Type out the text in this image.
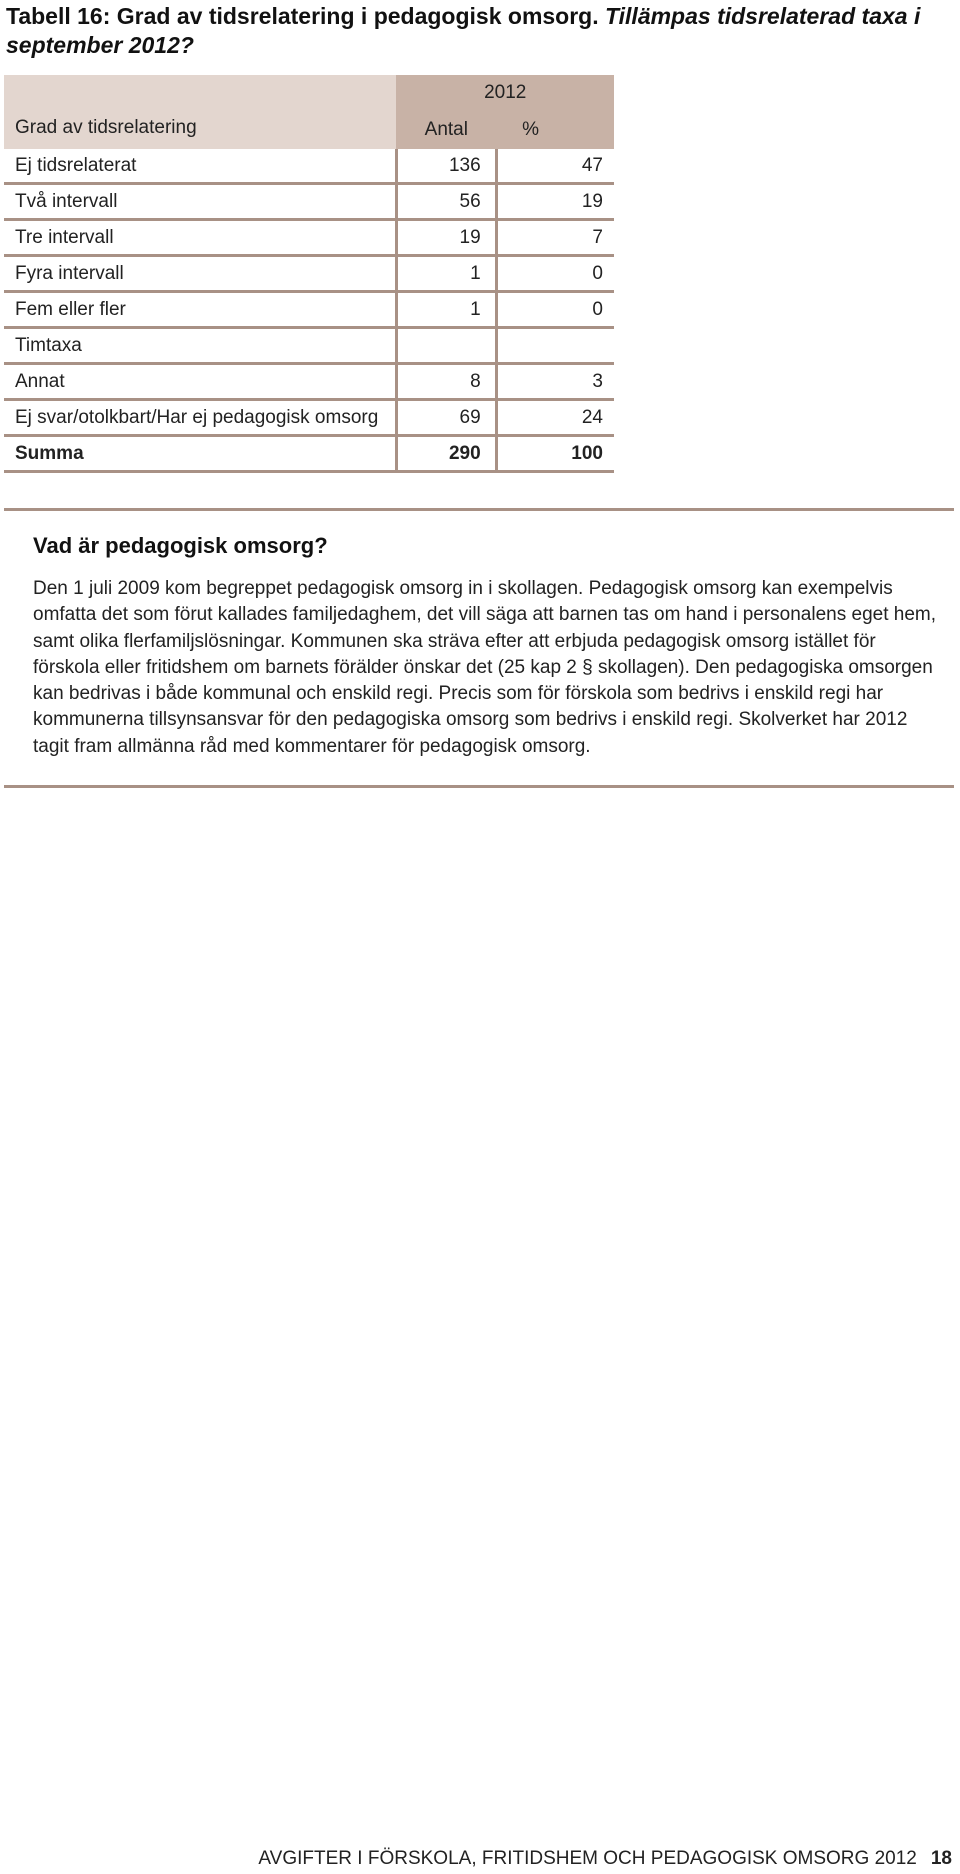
Tabell 16: Grad av tidsrelatering i pedagogisk omsorg. Tillämpas tidsrelaterad taxa i september 2012?
	2012	
Grad av tidsrelatering	Antal	%
Ej tidsrelaterat	136	47
Två intervall	56	19
Tre intervall	19	7
Fyra intervall	1	0
Fem eller fler	1	0
Timtaxa		
Annat	8	3
Ej svar/otolkbart/Har ej pedagogisk omsorg	69	24
Summa	290	100
Vad är pedagogisk omsorg?
Den 1 juli 2009 kom begreppet pedagogisk omsorg in i skollagen. Pedagogisk omsorg kan exempelvis omfatta det som förut kallades familjedaghem, det vill säga att barnen tas om hand i personalens eget hem, samt olika flerfamiljslösningar. Kommunen ska sträva efter att erbjuda pedagogisk omsorg istället för förskola eller fritidshem om barnets förälder önskar det (25 kap 2 § skollagen). Den pedagogiska omsorgen kan bedrivas i både kommunal och enskild regi. Precis som för förskola som bedrivs i enskild regi har kommunerna tillsynsansvar för den pedagogiska omsorg som bedrivs i enskild regi. Skolverket har 2012 tagit fram allmänna råd med kommentarer för pedagogisk omsorg.
AVGIFTER I FÖRSKOLA, FRITIDSHEM OCH PEDAGOGISK OMSORG 2012 18
